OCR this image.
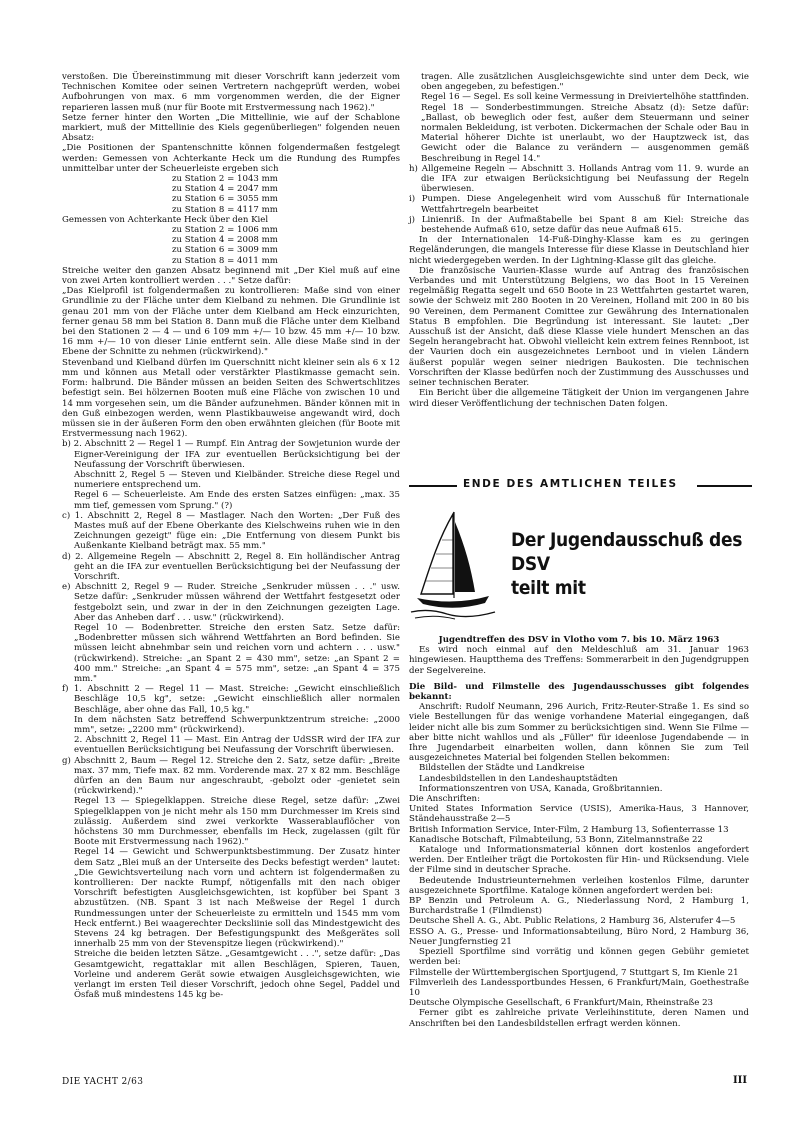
verstoßen. Die Übereinstimmung mit dieser Vorschrift kann jederzeit vom Technischen Komitee oder seinen Vertretern nachgeprüft werden, wobei Aufbohrungen von max. 6 mm vorgenommen werden, die der Eigner reparieren lassen muß (nur für Boote mit Erstvermessung nach 1962)."

Setze ferner hinter den Worten „Die Mittellinie, wie auf der Schablone markiert, muß der Mittellinie des Kiels gegenüberliegen" folgenden neuen Absatz:

„Die Positionen der Spantenschnitte können folgendermaßen festgelegt werden: Gemessen von Achterkante Heck um die Rundung des Rumpfes unmittelbar unter der Scheuerleiste ergeben sich

zu Station 2 = 1043 mm

zu Station 4 = 2047 mm

zu Station 6 = 3055 mm

zu Station 8 = 4117 mm

Gemessen von Achterkante Heck über den Kiel

zu Station 2 = 1006 mm

zu Station 4 = 2008 mm

zu Station 6 = 3009 mm

zu Station 8 = 4011 mm

Streiche weiter den ganzen Absatz beginnend mit „Der Kiel muß auf eine von zwei Arten kontrolliert werden . . ." Setze dafür:

„Das Kielprofil ist folgendermaßen zu kontrollieren: Maße sind von einer Grundlinie zu der Fläche unter dem Kielband zu nehmen. Die Grundlinie ist genau 201 mm von der Fläche unter dem Kielband am Heck einzurichten, ferner genau 58 mm bei Station 8. Dann muß die Fläche unter dem Kielband bei den Stationen 2 — 4 — und 6 109 mm +/— 10 bzw. 45 mm +/— 10 bzw. 16 mm +/— 10 von dieser Linie entfernt sein. Alle diese Maße sind in der Ebene der Schnitte zu nehmen (rückwirkend)."

Stevenband und Kielband dürfen im Querschnitt nicht kleiner sein als 6 x 12 mm und können aus Metall oder verstärkter Plastikmasse gemacht sein. Form: halbrund. Die Bänder müssen an beiden Seiten des Schwertschlitzes befestigt sein. Bei hölzernen Booten muß eine Fläche von zwischen 10 und 14 mm vorgesehen sein, um die Bänder aufzunehmen. Bänder können mit in den Guß einbezogen werden, wenn Plastikbauweise angewandt wird, doch müssen sie in der äußeren Form den oben erwähnten gleichen (für Boote mit Erstvermessung nach 1962).

b) 2. Abschnitt 2 — Regel 1 — Rumpf. Ein Antrag der Sowjetunion wurde der Eigner-Vereinigung der IFA zur eventuellen Berücksichtigung bei der Neufassung der Vorschrift überwiesen.

Abschnitt 2, Regel 5 — Steven und Kielbänder. Streiche diese Regel und numeriere entsprechend um.

Regel 6 — Scheuerleiste. Am Ende des ersten Satzes einfügen: „max. 35 mm tief, gemessen vom Sprung." (?)

c) 1. Abschnitt 2, Regel 8 — Mastlager. Nach den Worten: „Der Fuß des Mastes muß auf der Ebene Oberkante des Kielschweins ruhen wie in den Zeichnungen gezeigt" füge ein: „Die Entfernung von diesem Punkt bis Außenkante Kielband beträgt max. 55 mm."

d) 2. Allgemeine Regeln — Abschnitt 2, Regel 8. Ein holländischer Antrag geht an die IFA zur eventuellen Berücksichtigung bei der Neufassung der Vorschrift.

e) Abschnitt 2, Regel 9 — Ruder. Streiche „Senkruder müssen . . ." usw. Setze dafür: „Senkruder müssen während der Wettfahrt festgesetzt oder festgebolzt sein, und zwar in der in den Zeichnungen gezeigten Lage. Aber das Anheben darf . . . usw." (rückwirkend).

Regel 10 — Bodenbretter. Streiche den ersten Satz. Setze dafür: „Bodenbretter müssen sich während Wettfahrten an Bord befinden. Sie müssen leicht abnehmbar sein und reichen vorn und achtern . . . usw." (rückwirkend). Streiche: „an Spant 2 = 430 mm", setze: „an Spant 2 = 400 mm." Streiche: „an Spant 4 = 575 mm", setze: „an Spant 4 = 375 mm."

f) 1. Abschnitt 2 — Regel 11 — Mast. Streiche: „Gewicht einschließlich Beschläge 10,5 kg", setze: „Gewicht einschließlich aller normalen Beschläge, aber ohne das Fall, 10,5 kg."

In dem nächsten Satz betreffend Schwerpunktzentrum streiche: „2000 mm", setze: „2200 mm" (rückwirkend).

2. Abschnitt 2, Regel 11 — Mast. Ein Antrag der UdSSR wird der IFA zur eventuellen Berücksichtigung bei Neufassung der Vorschrift überwiesen.

g) Abschnitt 2, Baum — Regel 12. Streiche den 2. Satz, setze dafür: „Breite max. 37 mm, Tiefe max. 82 mm. Vorderende max. 27 x 82 mm. Beschläge dürfen an den Baum nur angeschraubt, -gebolzt oder -genietet sein (rückwirkend)."

Regel 13 — Spiegelklappen. Streiche diese Regel, setze dafür: „Zwei Spiegelklappen von je nicht mehr als 150 mm Durchmesser im Kreis sind zulässig. Außerdem sind zwei verkorkte Wasserablauflöcher von höchstens 30 mm Durchmesser, ebenfalls im Heck, zugelassen (gilt für Boote mit Erstvermessung nach 1962)."

Regel 14 — Gewicht und Schwerpunktsbestimmung. Der Zusatz hinter dem Satz „Blei muß an der Unterseite des Decks befestigt werden" lautet: „Die Gewichtsverteilung nach vorn und achtern ist folgendermaßen zu kontrollieren: Der nackte Rumpf, nötigenfalls mit den nach obiger Vorschrift befestigten Ausgleichsgewichten, ist kopfüber bei Spant 3 abzustützen. (NB. Spant 3 ist nach Meßweise der Regel 1 durch Rundmessungen unter der Scheuerleiste zu ermitteln und 1545 mm vom Heck entfernt.) Bei waagerechter Decksliinie soll das Mindestgewicht des Stevens 24 kg betragen. Der Befestigungspunkt des Meßgerätes soll innerhalb 25 mm von der Stevenspitze liegen (rückwirkend)."

Streiche die beiden letzten Sätze. „Gesamtgewicht . . .", setze dafür: „Das Gesamtgewicht, regattaklar mit allen Beschlägen, Spieren, Tauen, Vorleine und anderem Gerät sowie etwaigen Ausgleichsgewichten, wie verlangt im ersten Teil dieser Vorschrift, jedoch ohne Segel, Paddel und Ösfaß muß mindestens 145 kg be-

tragen. Alle zusätzlichen Ausgleichsgewichte sind unter dem Deck, wie oben angegeben, zu befestigen."

Regel 16 — Segel. Es soll keine Vermessung in Dreiviertelhöhe stattfinden.

Regel 18 — Sonderbestimmungen. Streiche Absatz (d): Setze dafür: „Ballast, ob beweglich oder fest, außer dem Steuermann und seiner normalen Bekleidung, ist verboten. Dickermachen der Schale oder Bau in Material höherer Dichte ist unerlaubt, wo der Hauptzweck ist, das Gewicht oder die Balance zu verändern — ausgenommen gemäß Beschreibung in Regel 14."

h) Allgemeine Regeln — Abschnitt 3. Hollands Antrag vom 11. 9. wurde an die IFA zur etwaigen Berücksichtigung bei Neufassung der Regeln überwiesen.

i) Pumpen. Diese Angelegenheit wird vom Ausschuß für Internationale Wettfahrtregeln bearbeitet

j) Linienriß. In der Aufmaßtabelle bei Spant 8 am Kiel: Streiche das bestehende Aufmaß 610, setze dafür das neue Aufmaß 615.

In der Internationalen 14-Fuß-Dinghy-Klasse kam es zu geringen Regeländerungen, die mangels Interesse für diese Klasse in Deutschland hier nicht wiedergegeben werden. In der Lightning-Klasse gilt das gleiche.

Die französische Vaurien-Klasse wurde auf Antrag des französischen Verbandes und mit Unterstützung Belgiens, wo das Boot in 15 Vereinen regelmäßig Regatta segelt und 650 Boote in 23 Wettfahrten gestartet waren, sowie der Schweiz mit 280 Booten in 20 Vereinen, Holland mit 200 in 80 bis 90 Vereinen, dem Permanent Comittee zur Gewährung des Internationalen Status B empfohlen. Die Begründung ist interessant. Sie lautet: „Der Ausschuß ist der Ansicht, daß diese Klasse viele hundert Menschen an das Segeln herangebracht hat. Obwohl vielleicht kein extrem feines Rennboot, ist der Vaurien doch ein ausgezeichnetes Lernboot und in vielen Ländern äußerst populär wegen seiner niedrigen Baukosten. Die technischen Vorschriften der Klasse bedürfen noch der Zustimmung des Ausschusses und seiner technischen Berater.

Ein Bericht über die allgemeine Tätigkeit der Union im vergangenen Jahre wird dieser Veröffentlichung der technischen Daten folgen.

ENDE DES AMTLICHEN TEILES
Der Jugendausschuß des DSV
teilt mit

Jugendtreffen des DSV in Vlotho vom 7. bis 10. März 1963

Es wird noch einmal auf den Meldeschluß am 31. Januar 1963 hingewiesen. Hauptthema des Treffens: Sommerarbeit in den Jugendgruppen der Segelvereine.

Die Bild- und Filmstelle des Jugendausschusses gibt folgendes bekannt:

Anschrift: Rudolf Neumann, 296 Aurich, Fritz-Reuter-Straße 1. Es sind so viele Bestellungen für das wenige vorhandene Material eingegangen, daß leider nicht alle bis zum Sommer zu berücksichtigen sind. Wenn Sie Filme — aber bitte nicht wahllos und als „Füller" für ideenlose Jugendabende — in Ihre Jugendarbeit einarbeiten wollen, dann können Sie zum Teil ausgezeichnetes Material bei folgenden Stellen bekommen:

Bildstellen der Städte und Landkreise

Landesbildstellen in den Landeshauptstädten

Informationszentren von USA, Kanada, Großbritannien.

Die Anschriften:

United States Information Service (USIS), Amerika-Haus, 3 Hannover, Ständehausstraße 2—5

British Information Service, Inter-Film, 2 Hamburg 13, Sofienterrasse 13

Kanadische Botschaft, Filmabteilung, 53 Bonn, Zitelmannstraße 22

Kataloge und Informationsmaterial können dort kostenlos angefordert werden. Der Entleiher trägt die Portokosten für Hin- und Rücksendung. Viele der Filme sind in deutscher Sprache.

Bedeutende Industrieunternehmen verleihen kostenlos Filme, darunter ausgezeichnete Sportfilme. Kataloge können angefordert werden bei:

BP Benzin und Petroleum A. G., Niederlassung Nord, 2 Hamburg 1, Burchardstraße 1 (Filmdienst)

Deutsche Shell A. G., Abt. Public Relations, 2 Hamburg 36, Alsterufer 4—5

ESSO A. G., Presse- und Informationsabteilung, Büro Nord, 2 Hamburg 36, Neuer Jungfernstieg 21

Speziell Sportfilme sind vorrätig und können gegen Gebühr gemietet werden bei:

Filmstelle der Württembergischen Sportjugend, 7 Stuttgart S, Im Kienle 21

Filmverleih des Landessportbundes Hessen, 6 Frankfurt/Main, Goethestraße 10

Deutsche Olympische Gesellschaft, 6 Frankfurt/Main, Rheinstraße 23

Ferner gibt es zahlreiche private Verleihinstitute, deren Namen und Anschriften bei den Landesbildstellen erfragt werden können.

DIE YACHT 2/63	III
